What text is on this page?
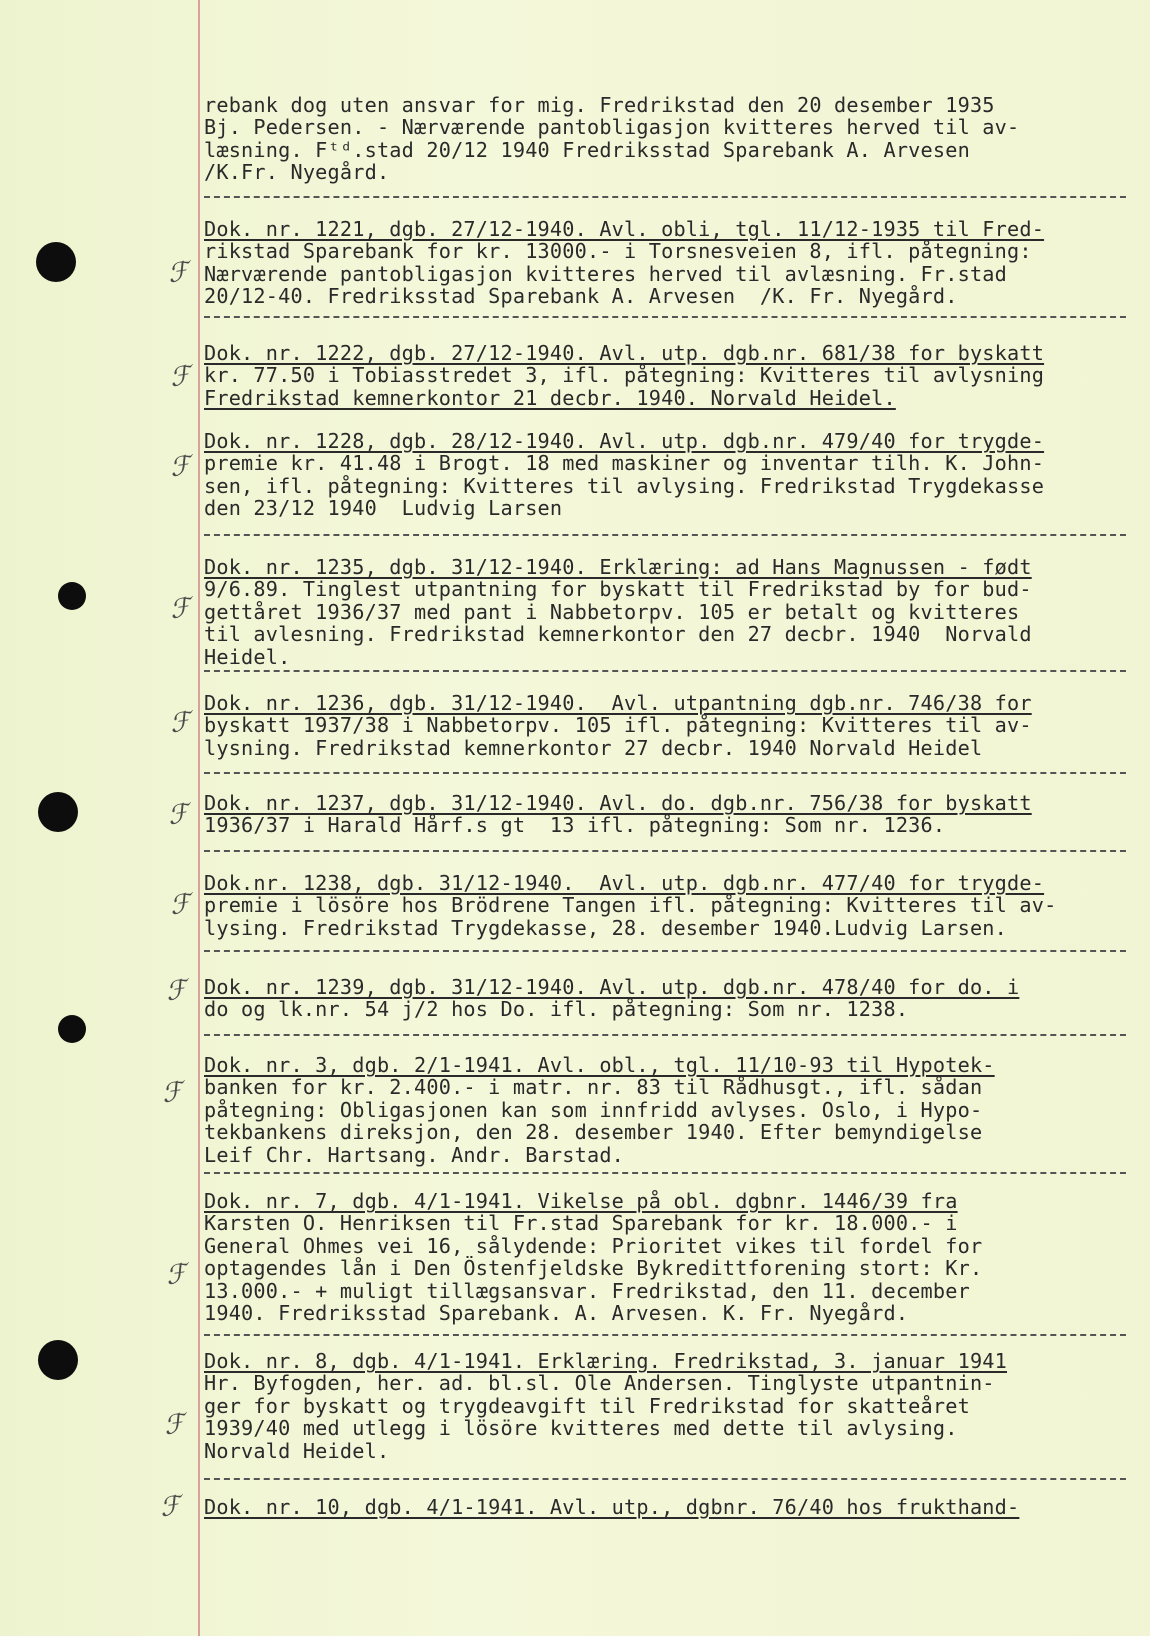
ℱ
ℱ
ℱ
ℱ
ℱ
ℱ
ℱ
ℱ
ℱ
ℱ
ℱ
ℱ
rebank dog uten ansvar for mig. Fredrikstad den 20 desember 1935
Bj. Pedersen. - Nærværende pantobligasjon kvitteres herved til av-
læsning. Fᵗᵈ.stad 20/12 1940 Fredriksstad Sparebank A. Arvesen
/K.Fr. Nyegård.
Dok. nr. 1221, dgb. 27/12-1940. Avl. obli, tgl. 11/12-1935 til Fred-
rikstad Sparebank for kr. 13000.- i Torsnesveien 8, ifl. påtegning:
Nærværende pantobligasjon kvitteres herved til avlæsning. Fr.stad
20/12-40. Fredriksstad Sparebank A. Arvesen  /K. Fr. Nyegård.
Dok. nr. 1222, dgb. 27/12-1940. Avl. utp. dgb.nr. 681/38 for byskatt
kr. 77.50 i Tobiasstredet 3, ifl. påtegning: Kvitteres til avlysning
Fredrikstad kemnerkontor 21 decbr. 1940. Norvald Heidel.
Dok. nr. 1228, dgb. 28/12-1940. Avl. utp. dgb.nr. 479/40 for trygde-
premie kr. 41.48 i Brogt. 18 med maskiner og inventar tilh. K. John-
sen, ifl. påtegning: Kvitteres til avlysing. Fredrikstad Trygdekasse
den 23/12 1940  Ludvig Larsen
Dok. nr. 1235, dgb. 31/12-1940. Erklæring: ad Hans Magnussen - født
9/6.89. Tinglest utpantning for byskatt til Fredrikstad by for bud-
gettåret 1936/37 med pant i Nabbetorpv. 105 er betalt og kvitteres
til avlesning. Fredrikstad kemnerkontor den 27 decbr. 1940  Norvald
Heidel.
Dok. nr. 1236, dgb. 31/12-1940.  Avl. utpantning dgb.nr. 746/38 for
byskatt 1937/38 i Nabbetorpv. 105 ifl. påtegning: Kvitteres til av-
lysning. Fredrikstad kemnerkontor 27 decbr. 1940 Norvald Heidel
Dok. nr. 1237, dgb. 31/12-1940. Avl. do. dgb.nr. 756/38 for byskatt
1936/37 i Harald Hårf.s gt  13 ifl. påtegning: Som nr. 1236.
Dok.nr. 1238, dgb. 31/12-1940.  Avl. utp. dgb.nr. 477/40 for trygde-
premie i lösöre hos Brödrene Tangen ifl. påtegning: Kvitteres til av-
lysing. Fredrikstad Trygdekasse, 28. desember 1940.Ludvig Larsen.
Dok. nr. 1239, dgb. 31/12-1940. Avl. utp. dgb.nr. 478/40 for do. i
do og lk.nr. 54 j/2 hos Do. ifl. påtegning: Som nr. 1238.
Dok. nr. 3, dgb. 2/1-1941. Avl. obl., tgl. 11/10-93 til Hypotek-
banken for kr. 2.400.- i matr. nr. 83 til Rådhusgt., ifl. sådan
påtegning: Obligasjonen kan som innfridd avlyses. Oslo, i Hypo-
tekbankens direksjon, den 28. desember 1940. Efter bemyndigelse
Leif Chr. Hartsang. Andr. Barstad.
Dok. nr. 7, dgb. 4/1-1941. Vikelse på obl. dgbnr. 1446/39 fra
Karsten O. Henriksen til Fr.stad Sparebank for kr. 18.000.- i
General Ohmes vei 16, sålydende: Prioritet vikes til fordel for
optagendes lån i Den Östenfjeldske Bykredittforening stort: Kr.
13.000.- + muligt tillægsansvar. Fredrikstad, den 11. december
1940. Fredriksstad Sparebank. A. Arvesen. K. Fr. Nyegård.
Dok. nr. 8, dgb. 4/1-1941. Erklæring. Fredrikstad, 3. januar 1941
Hr. Byfogden, her. ad. bl.sl. Ole Andersen. Tinglyste utpantnin-
ger for byskatt og trygdeavgift til Fredrikstad for skatteåret
1939/40 med utlegg i lösöre kvitteres med dette til avlysing.
Norvald Heidel.
Dok. nr. 10, dgb. 4/1-1941. Avl. utp., dgbnr. 76/40 hos frukthand-
